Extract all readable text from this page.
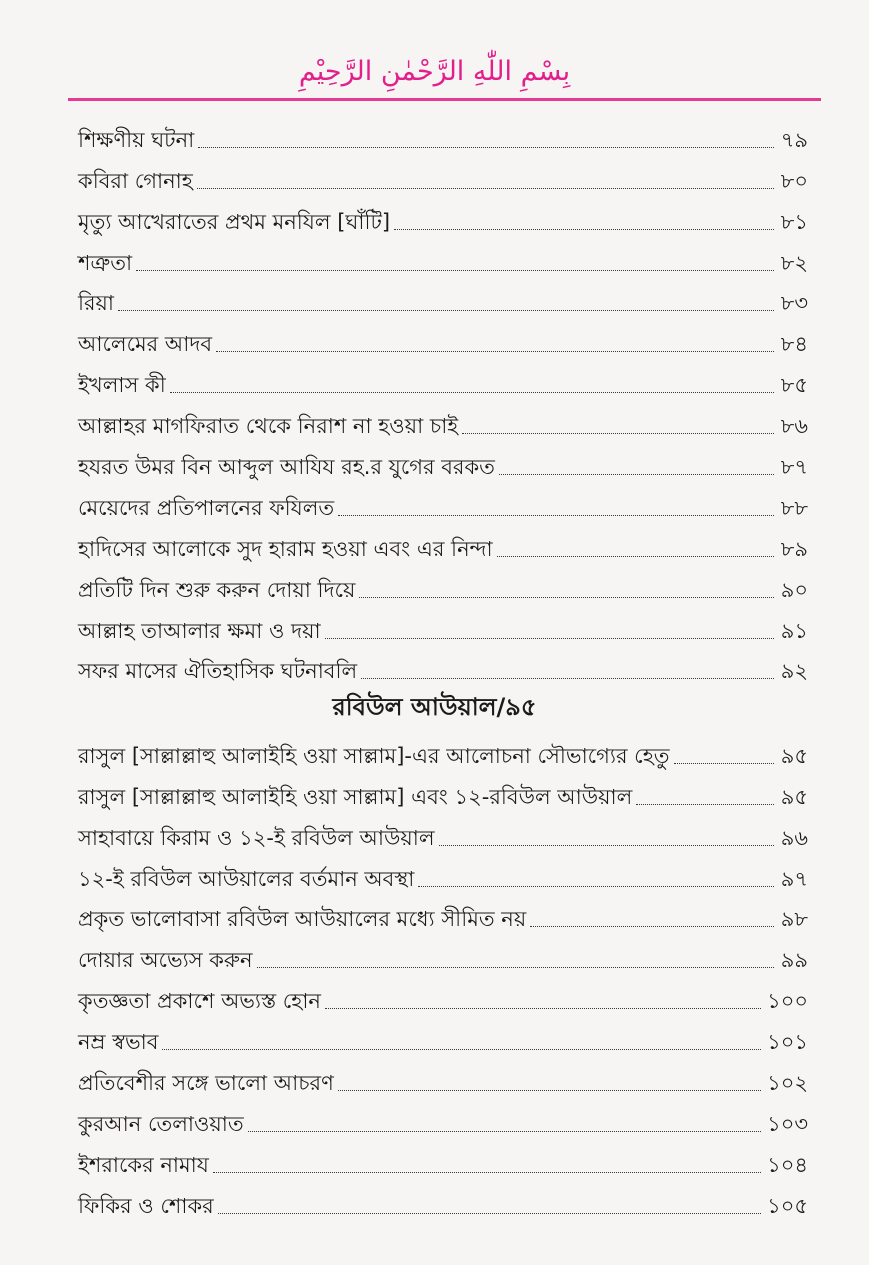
بِسْمِ اللّٰهِ الرَّحْمٰنِ الرَّحِيْمِ
শিক্ষণীয় ঘটনা	৭৯
কবিরা গোনাহ	৮০
মৃত্যু আখেরাতের প্রথম মনযিল [ঘাঁটি]	৮১
শত্রুতা	৮২
রিয়া	৮৩
আলেমের আদব	৮৪
ইখলাস কী	৮৫
আল্লাহর মাগফিরাত থেকে নিরাশ না হওয়া চাই	৮৬
হযরত উমর বিন আব্দুল আযিয রহ.র যুগের বরকত	৮৭
মেয়েদের প্রতিপালনের ফযিলত	৮৮
হাদিসের আলোকে সুদ হারাম হওয়া এবং এর নিন্দা	৮৯
প্রতিটি দিন শুরু করুন দোয়া দিয়ে	৯০
আল্লাহ তাআলার ক্ষমা ও দয়া	৯১
সফর মাসের ঐতিহাসিক ঘটনাবলি	৯২
রবিউল আউয়াল/৯৫
রাসুল [সাল্লাল্লাহু আলাইহি ওয়া সাল্লাম]-এর আলোচনা সৌভাগ্যের হেতু	৯৫
রাসুল [সাল্লাল্লাহু আলাইহি ওয়া সাল্লাম] এবং ১২-রবিউল আউয়াল	৯৫
সাহাবায়ে কিরাম ও ১২-ই রবিউল আউয়াল	৯৬
১২-ই রবিউল আউয়ালের বর্তমান অবস্থা	৯৭
প্রকৃত ভালোবাসা রবিউল আউয়ালের মধ্যে সীমিত নয়	৯৮
দোয়ার অভ্যেস করুন	৯৯
কৃতজ্ঞতা প্রকাশে অভ্যস্ত হোন	১০০
নম্র স্বভাব	১০১
প্রতিবেশীর সঙ্গে ভালো আচরণ	১০২
কুরআন তেলাওয়াত	১০৩
ইশরাকের নামায	১০৪
ফিকির ও শোকর	১০৫
